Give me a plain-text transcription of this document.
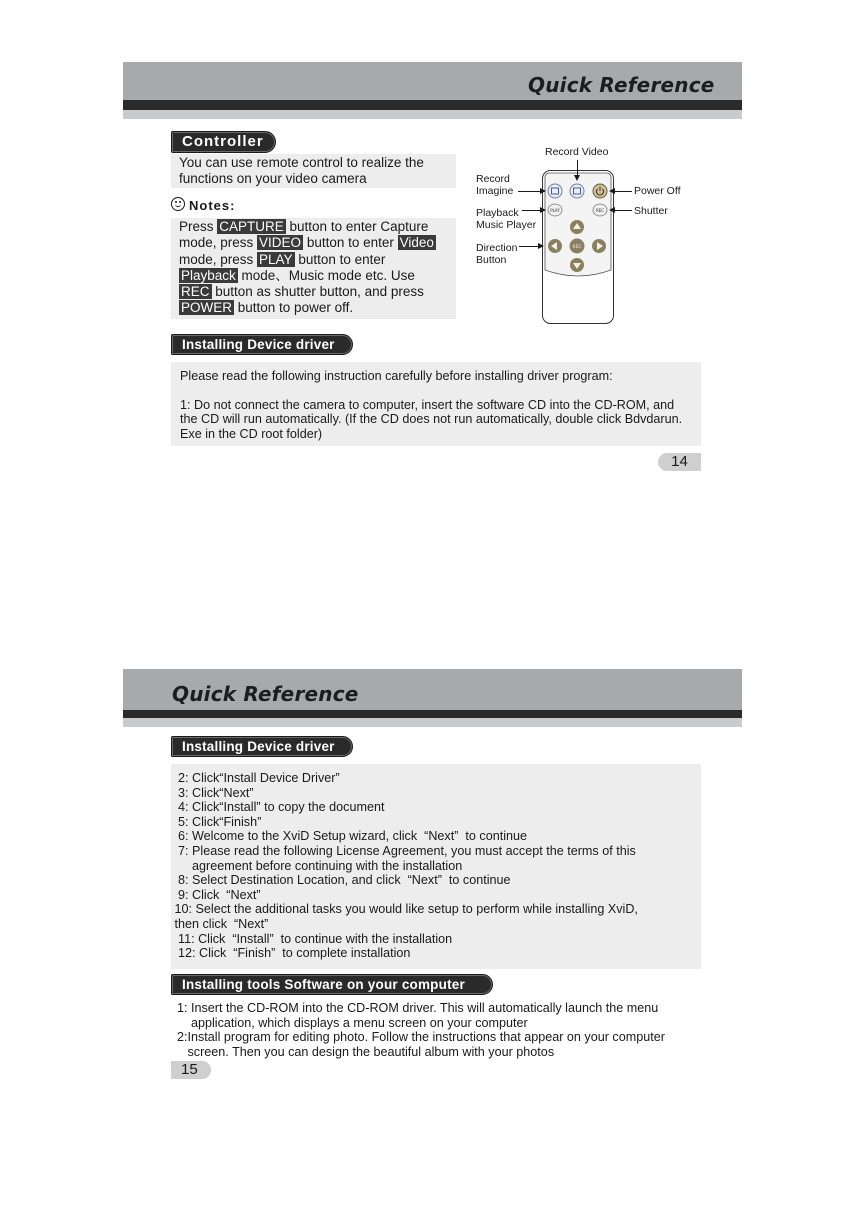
Quick Reference
Controller
You can use remote control to realize the
functions on your video camera
Notes:
Press CAPTURE button to enter Capture
mode, press VIDEO button to enter Video
mode, press PLAY button to enter
Playback mode、Music mode etc. Use
REC button as shutter button, and press
POWER button to power off.
PLAY	REC
REC
Record Video
Record
Imagine	Power Off
Playback
Music Player
Shutter
Direction
Button
Installing Device driver
Please read the following instruction carefully before installing driver program:
1: Do not connect the camera to computer, insert the software CD into the CD-ROM, and
the CD will run automatically. (If the CD does not run automatically, double click Bdvdarun.
Exe in the CD root folder)
14
Quick Reference
Installing Device driver
2: Click“Install Device Driver”
3: Click“Next”
4: Click“Install” to copy the document
5: Click“Finish”
6: Welcome to the XviD Setup wizard, click  “Next”  to continue
7: Please read the following License Agreement, you must accept the terms of this
agreement before continuing with the installation
8: Select Destination Location, and click  “Next”  to continue
9: Click  “Next”
10: Select the additional tasks you would like setup to perform while installing XviD,
then click  “Next”
11: Click  “Install”  to continue with the installation
12: Click  “Finish”  to complete installation
Installing tools Software on your computer
1: Insert the CD-ROM into the CD-ROM driver. This will automatically launch the menu
application, which displays a menu screen on your computer
2:Install program for editing photo. Follow the instructions that appear on your computer
screen. Then you can design the beautiful album with your photos
15
